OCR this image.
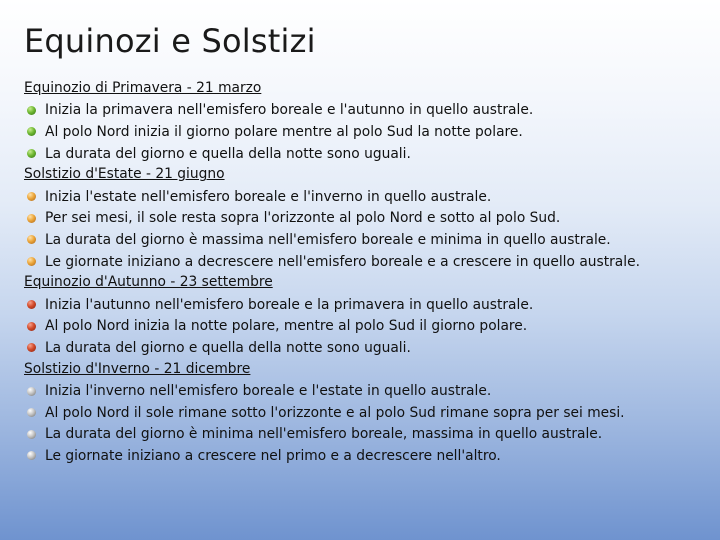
Equinozi e Solstizi
Equinozio di Primavera - 21 marzo
Inizia la primavera nell'emisfero boreale e l'autunno in quello australe.
Al polo Nord inizia il giorno polare mentre al polo Sud la notte polare.
La durata del giorno e quella della notte sono uguali.
Solstizio d'Estate - 21 giugno
Inizia l'estate nell'emisfero boreale e l'inverno in quello australe.
Per sei mesi, il sole resta sopra l'orizzonte al polo Nord e sotto al polo Sud.
La durata del giorno è massima nell'emisfero boreale e minima in quello australe.
Le giornate iniziano a decrescere nell'emisfero boreale e a crescere in quello australe.
Equinozio d'Autunno - 23 settembre
Inizia l'autunno nell'emisfero boreale e la primavera in quello australe.
Al polo Nord inizia la notte polare, mentre al polo Sud il giorno polare.
La durata del giorno e quella della notte sono uguali.
Solstizio d'Inverno - 21 dicembre
Inizia l'inverno nell'emisfero boreale e l'estate in quello australe.
Al polo Nord il sole rimane sotto l'orizzonte e al polo Sud rimane sopra per sei mesi.
La durata del giorno è minima nell'emisfero boreale, massima in quello australe.
Le giornate iniziano a crescere nel primo e a decrescere nell'altro.
